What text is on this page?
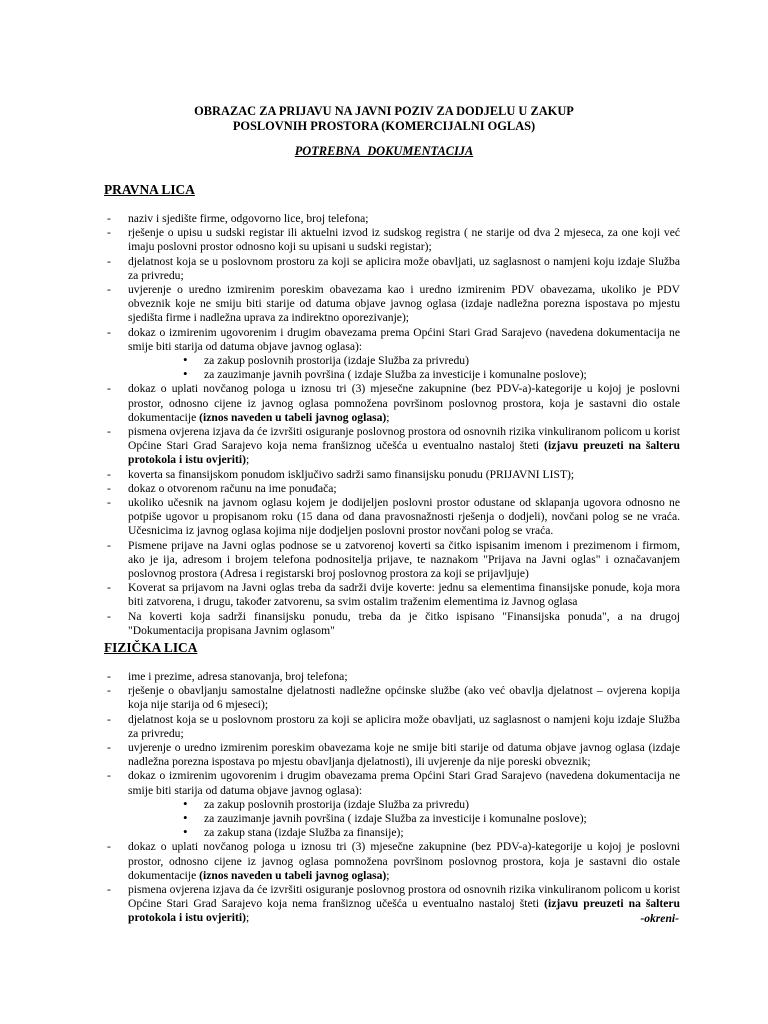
OBRAZAC ZA PRIJAVU NA JAVNI POZIV ZA DODJELU U ZAKUP
POSLOVNIH PROSTORA (KOMERCIJALNI OGLAS)
POTREBNA DOKUMENTACIJA
PRAVNA LICA
- naziv i sjedište firme, odgovorno lice, broj telefona;
- rješenje o upisu u sudski registar ili aktuelni izvod iz sudskog registra ( ne starije od dva 2 mjeseca, za one koji već imaju poslovni prostor odnosno koji su upisani u sudski registar);
- djelatnost koja se u poslovnom prostoru za koji se aplicira može obavljati, uz saglasnost o namjeni koju izdaje Služba za privredu;
- uvjerenje o uredno izmirenim poreskim obavezama kao i uredno izmirenim PDV obavezama, ukoliko je PDV obveznik koje ne smiju biti starije od datuma objave javnog oglasa (izdaje nadležna porezna ispostava po mjestu sjedišta firme i nadležna uprava za indirektno oporezivanje);
- dokaz o izmirenim ugovorenim i drugim obavezama prema Općini Stari Grad Sarajevo (navedena dokumentacija ne smije biti starija od datuma objave javnog oglasa):
• za zakup poslovnih prostorija (izdaje Služba za privredu)
• za zauzimanje javnih površina ( izdaje Služba za investicije i komunalne poslove);
- dokaz o uplati novčanog pologa u iznosu tri (3) mjesečne zakupnine (bez PDV-a)-kategorije u kojoj je poslovni prostor, odnosno cijene iz javnog oglasa pomnožena površinom poslovnog prostora, koja je sastavni dio ostale dokumentacije (iznos naveden u tabeli javnog oglasa);
- pismena ovjerena izjava da će izvršiti osiguranje poslovnog prostora od osnovnih rizika vinkuliranom policom u korist Općine Stari Grad Sarajevo koja nema franšiznog učešća u eventualno nastaloj šteti (izjavu preuzeti na šalteru protokola i istu ovjeriti);
- koverta sa finansijskom ponudom isključivo sadrži samo finansijsku ponudu (PRIJAVNI LIST);
- dokaz o otvorenom računu na ime ponuđača;
- ukoliko učesnik na javnom oglasu kojem je dodijeljen poslovni prostor odustane od sklapanja ugovora odnosno ne potpiše ugovor u propisanom roku (15 dana od dana pravosnažnosti rješenja o dodjeli), novčani polog se ne vraća. Učesnicima iz javnog oglasa kojima nije dodjeljen poslovni prostor novčani polog se vraća.
- Pismene prijave na Javni oglas podnose se u zatvorenoj koverti sa čitko ispisanim imenom i prezimenom i firmom, ako je ija, adresom i brojem telefona podnositelja prijave, te naznakom "Prijava na Javni oglas" i označavanjem poslovnog prostora (Adresa i registarski broj poslovnog prostora za koji se prijavljuje)
- Koverat sa prijavom na Javni oglas treba da sadrži dvije koverte: jednu sa elementima finansijske ponude, koja mora biti zatvorena, i drugu, također zatvorenu, sa svim ostalim traženim elementima iz Javnog oglasa
- Na koverti koja sadrži finansijsku ponudu, treba da je čitko ispisano "Finansijska ponuda", a na drugoj "Dokumentacija propisana Javnim oglasom"
FIZIČKA LICA
- ime i prezime, adresa stanovanja, broj telefona;
- rješenje o obavljanju samostalne djelatnosti nadležne općinske službe (ako već obavlja djelatnost – ovjerena kopija koja nije starija od 6 mjeseci);
- djelatnost koja se u poslovnom prostoru za koji se aplicira može obavljati, uz saglasnost o namjeni koju izdaje Služba za privredu;
- uvjerenje o uredno izmirenim poreskim obavezama koje ne smije biti starije od datuma objave javnog oglasa (izdaje nadležna porezna ispostava po mjestu obavljanja djelatnosti), ili uvjerenje da nije poreski obveznik;
- dokaz o izmirenim ugovorenim i drugim obavezama prema Općini Stari Grad Sarajevo (navedena dokumentacija ne smije biti starija od datuma objave javnog oglasa):
• za zakup poslovnih prostorija (izdaje Služba za privredu)
• za zauzimanje javnih površina ( izdaje Služba za investicije i komunalne poslove);
• za zakup stana (izdaje Služba za finansije);
- dokaz o uplati novčanog pologa u iznosu tri (3) mjesečne zakupnine (bez PDV-a)-kategorije u kojoj je poslovni prostor, odnosno cijene iz javnog oglasa pomnožena površinom poslovnog prostora, koja je sastavni dio ostale dokumentacije (iznos naveden u tabeli javnog oglasa);
- pismena ovjerena izjava da će izvršiti osiguranje poslovnog prostora od osnovnih rizika vinkuliranom policom u korist Općine Stari Grad Sarajevo koja nema franšiznog učešća u eventualno nastaloj šteti (izjavu preuzeti na šalteru protokola i istu ovjeriti);	-okreni-
